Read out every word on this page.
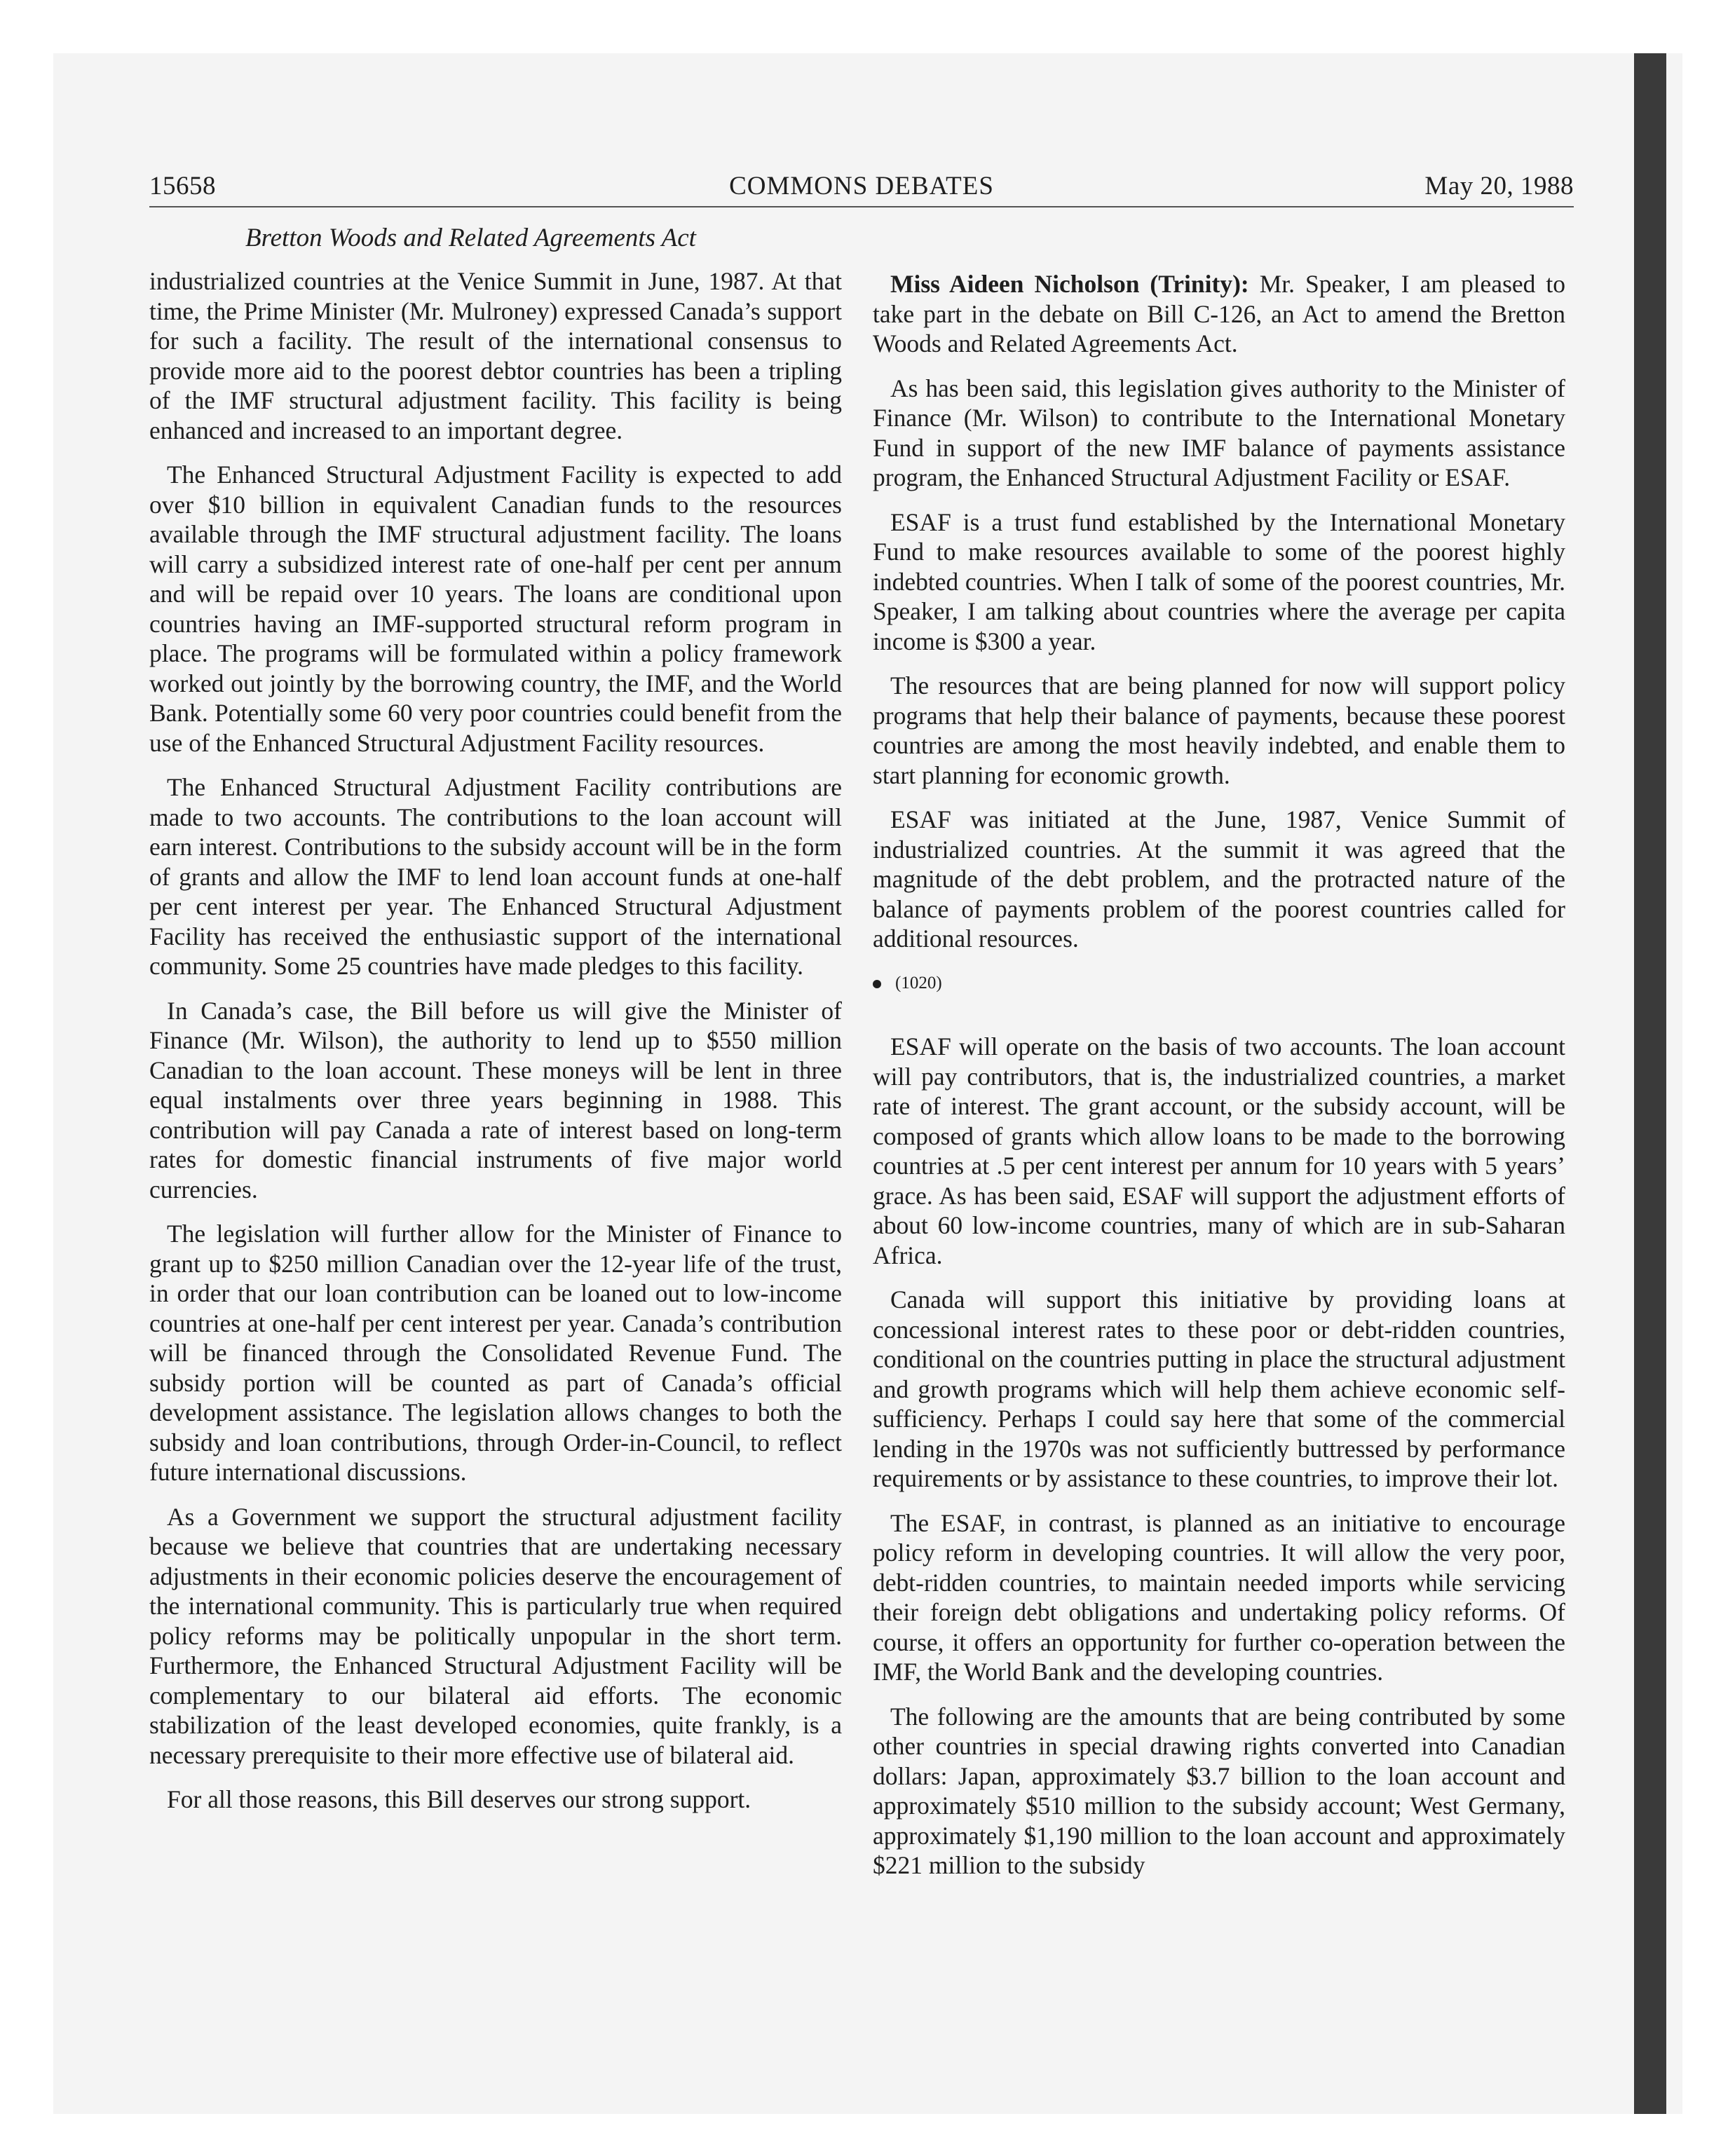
COMMONS DEBATES
15658	May 20, 1988
Bretton Woods and Related Agreements Act

industrialized countries at the Venice Summit in June, 1987. At that time, the Prime Minister (Mr. Mulroney) expressed Canada’s support for such a facility. The result of the international consensus to provide more aid to the poorest debtor countries has been a tripling of the IMF structural adjustment facility. This facility is being enhanced and increased to an important degree.

The Enhanced Structural Adjustment Facility is expected to add over $10 billion in equivalent Canadian funds to the resources available through the IMF structural adjustment facility. The loans will carry a subsidized interest rate of one-half per cent per annum and will be repaid over 10 years. The loans are conditional upon countries having an IMF-supported structural reform program in place. The programs will be formulated within a policy framework worked out jointly by the borrowing country, the IMF, and the World Bank. Potentially some 60 very poor countries could benefit from the use of the Enhanced Structural Adjustment Facility resources.

The Enhanced Structural Adjustment Facility contributions are made to two accounts. The contributions to the loan account will earn interest. Contributions to the subsidy account will be in the form of grants and allow the IMF to lend loan account funds at one-half per cent interest per year. The Enhanced Structural Adjustment Facility has received the enthusiastic support of the international community. Some 25 countries have made pledges to this facility.

In Canada’s case, the Bill before us will give the Minister of Finance (Mr. Wilson), the authority to lend up to $550 million Canadian to the loan account. These moneys will be lent in three equal instalments over three years beginning in 1988. This contribution will pay Canada a rate of interest based on long-term rates for domestic financial instruments of five major world currencies.

The legislation will further allow for the Minister of Finance to grant up to $250 million Canadian over the 12-year life of the trust, in order that our loan contribution can be loaned out to low-income countries at one-half per cent interest per year. Canada’s contribution will be financed through the Consolidated Revenue Fund. The subsidy portion will be counted as part of Canada’s official development assistance. The legislation allows changes to both the subsidy and loan contributions, through Order-in-Council, to reflect future international discussions.

As a Government we support the structural adjustment facility because we believe that countries that are undertaking necessary adjustments in their economic policies deserve the encouragement of the international community. This is particularly true when required policy reforms may be politically unpopular in the short term. Furthermore, the Enhanced Structural Adjustment Facility will be complementary to our bilateral aid efforts. The economic stabilization of the least developed economies, quite frankly, is a necessary prerequisite to their more effective use of bilateral aid.

For all those reasons, this Bill deserves our strong support.

Miss Aideen Nicholson (Trinity): Mr. Speaker, I am pleased to take part in the debate on Bill C-126, an Act to amend the Bretton Woods and Related Agreements Act.

As has been said, this legislation gives authority to the Minister of Finance (Mr. Wilson) to contribute to the International Monetary Fund in support of the new IMF balance of payments assistance program, the Enhanced Structural Adjustment Facility or ESAF.

ESAF is a trust fund established by the International Monetary Fund to make resources available to some of the poorest highly indebted countries. When I talk of some of the poorest countries, Mr. Speaker, I am talking about countries where the average per capita income is $300 a year.

The resources that are being planned for now will support policy programs that help their balance of payments, because these poorest countries are among the most heavily indebted, and enable them to start planning for economic growth.

ESAF was initiated at the June, 1987, Venice Summit of industrialized countries. At the summit it was agreed that the magnitude of the debt problem, and the protracted nature of the balance of payments problem of the poorest countries called for additional resources.

(1020)

ESAF will operate on the basis of two accounts. The loan account will pay contributors, that is, the industrialized countries, a market rate of interest. The grant account, or the subsidy account, will be composed of grants which allow loans to be made to the borrowing countries at .5 per cent interest per annum for 10 years with 5 years’ grace. As has been said, ESAF will support the adjustment efforts of about 60 low-income countries, many of which are in sub-Saharan Africa.

Canada will support this initiative by providing loans at concessional interest rates to these poor or debt-ridden countries, conditional on the countries putting in place the structural adjustment and growth programs which will help them achieve economic self-sufficiency. Perhaps I could say here that some of the commercial lending in the 1970s was not sufficiently buttressed by performance requirements or by assistance to these countries, to improve their lot.

The ESAF, in contrast, is planned as an initiative to encourage policy reform in developing countries. It will allow the very poor, debt-ridden countries, to maintain needed imports while servicing their foreign debt obligations and undertaking policy reforms. Of course, it offers an opportunity for further co-operation between the IMF, the World Bank and the developing countries.

The following are the amounts that are being contributed by some other countries in special drawing rights converted into Canadian dollars: Japan, approximately $3.7 billion to the loan account and approximately $510 million to the subsidy account; West Germany, approximately $1,190 million to the loan account and approximately $221 million to the subsidy
